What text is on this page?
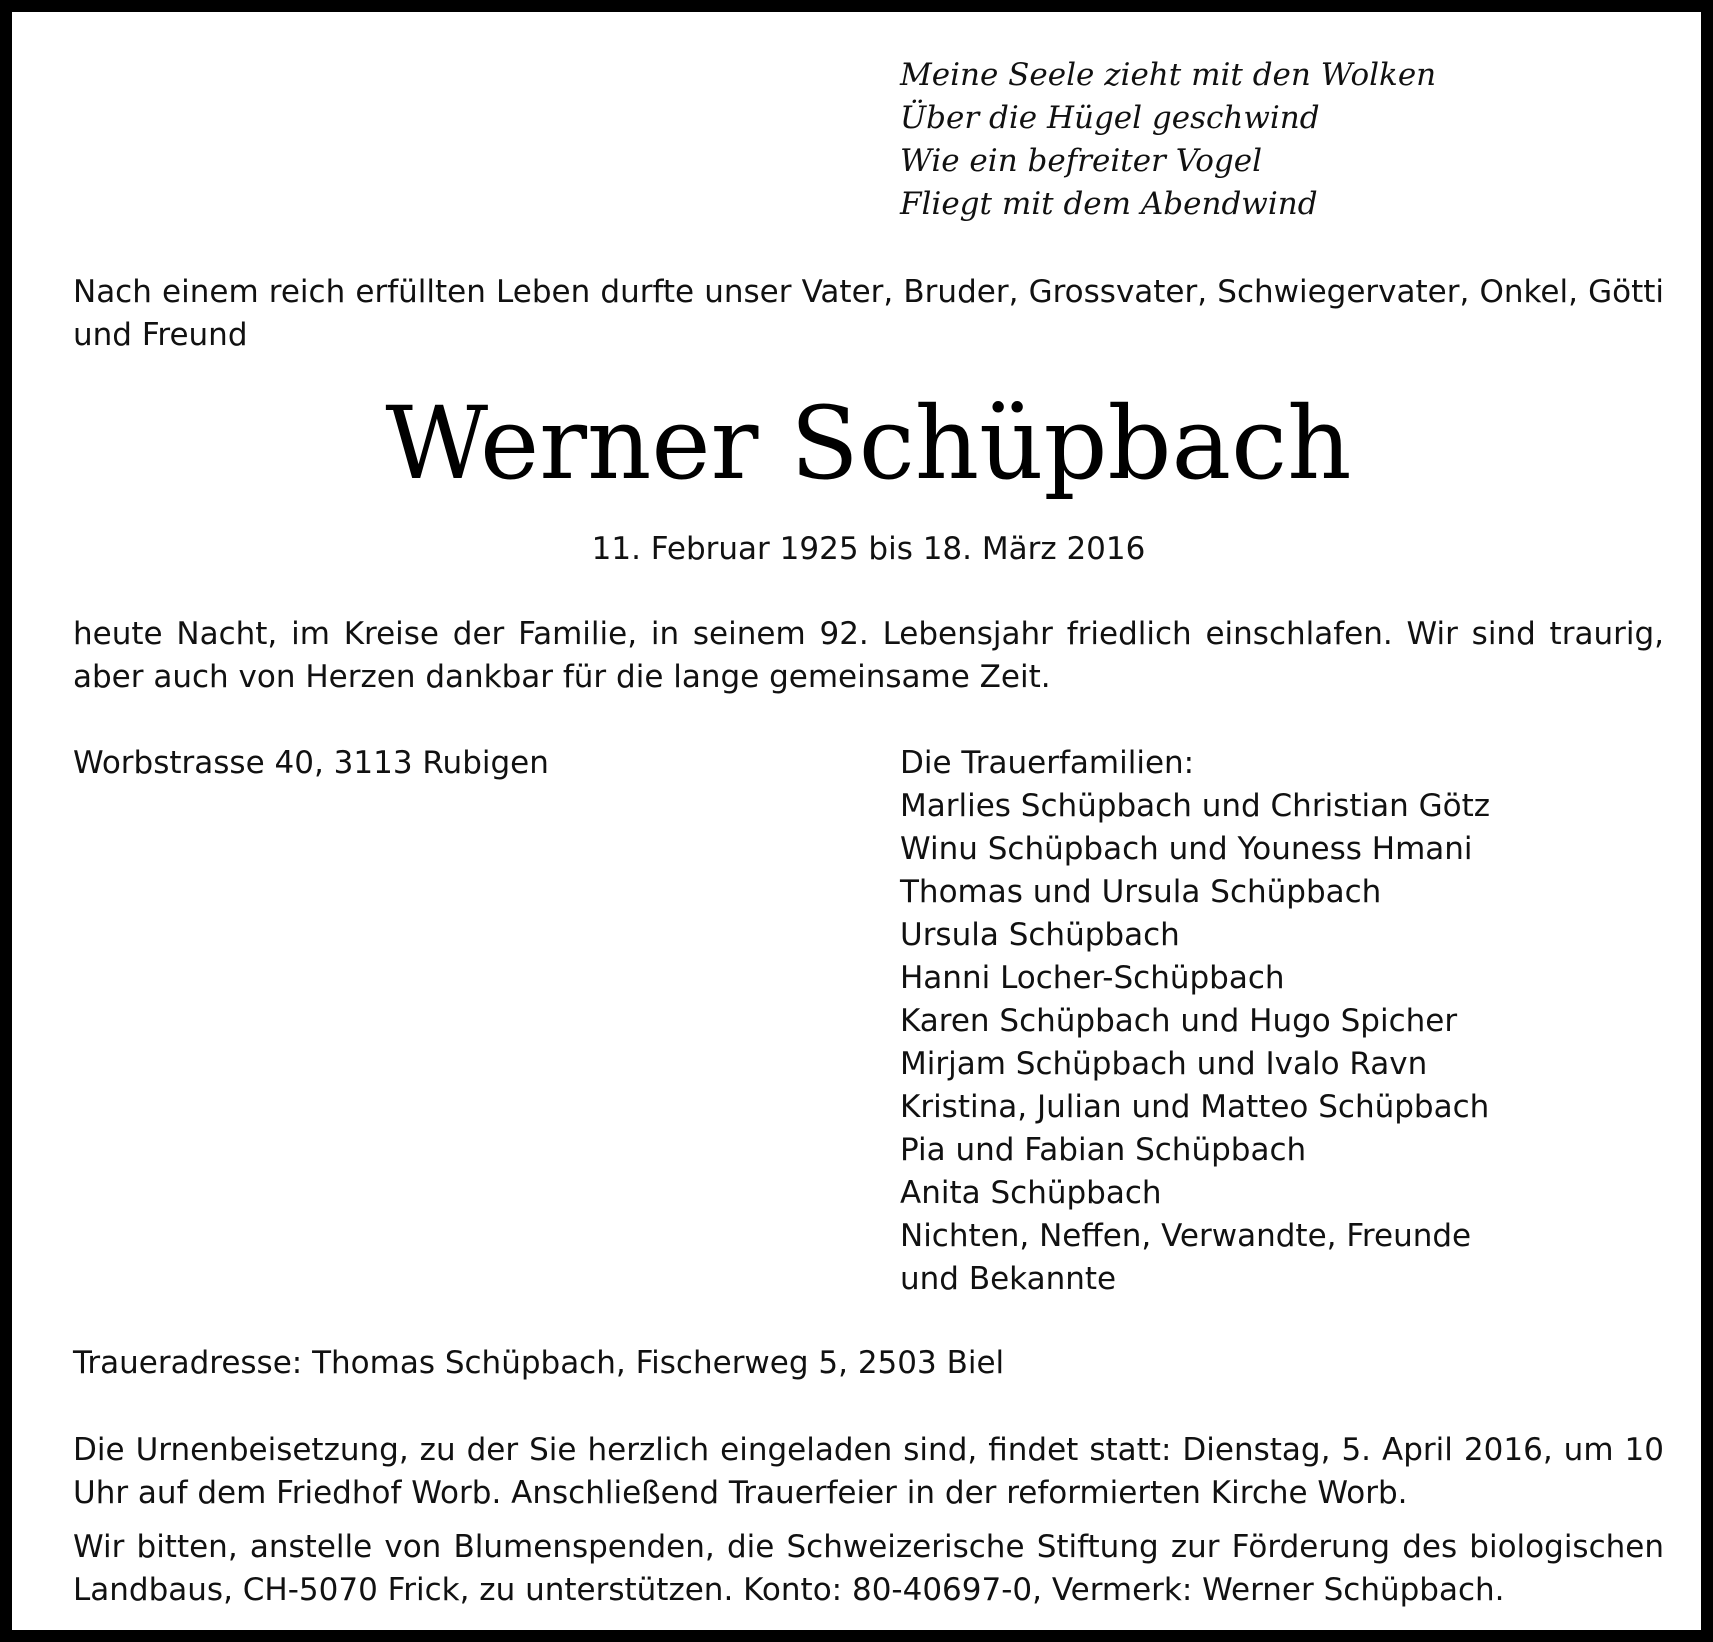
Meine Seele zieht mit den Wolken
Über die Hügel geschwind
Wie ein befreiter Vogel
Fliegt mit dem Abendwind
Nach einem reich erfüllten Leben durfte unser Vater, Bruder, Grossvater, Schwiegervater, Onkel, Götti und Freund
Werner Schüpbach
11. Februar 1925 bis 18. März 2016
heute Nacht, im Kreise der Familie, in seinem 92. Lebensjahr friedlich einschlafen. Wir sind traurig, aber auch von Herzen dankbar für die lange gemeinsame Zeit.
Worbstrasse 40, 3113 Rubigen	Die Trauerfamilien:
Marlies Schüpbach und Christian Götz
Winu Schüpbach und Youness Hmani
Thomas und Ursula Schüpbach
Ursula Schüpbach
Hanni Locher-Schüpbach
Karen Schüpbach und Hugo Spicher
Mirjam Schüpbach und Ivalo Ravn
Kristina, Julian und Matteo Schüpbach
Pia und Fabian Schüpbach
Anita Schüpbach
Nichten, Neffen, Verwandte, Freunde
und Bekannte
Traueradresse: Thomas Schüpbach, Fischerweg 5, 2503 Biel
Die Urnenbeisetzung, zu der Sie herzlich eingeladen sind, findet statt: Dienstag, 5. April 2016, um 10 Uhr auf dem Friedhof Worb. Anschließend Trauerfeier in der reformierten Kirche Worb.
Wir bitten, anstelle von Blumenspenden, die Schweizerische Stiftung zur Förderung des biologischen Landbaus, CH-5070 Frick, zu unterstützen. Konto: 80-40697-0, Vermerk: Werner Schüpbach.
